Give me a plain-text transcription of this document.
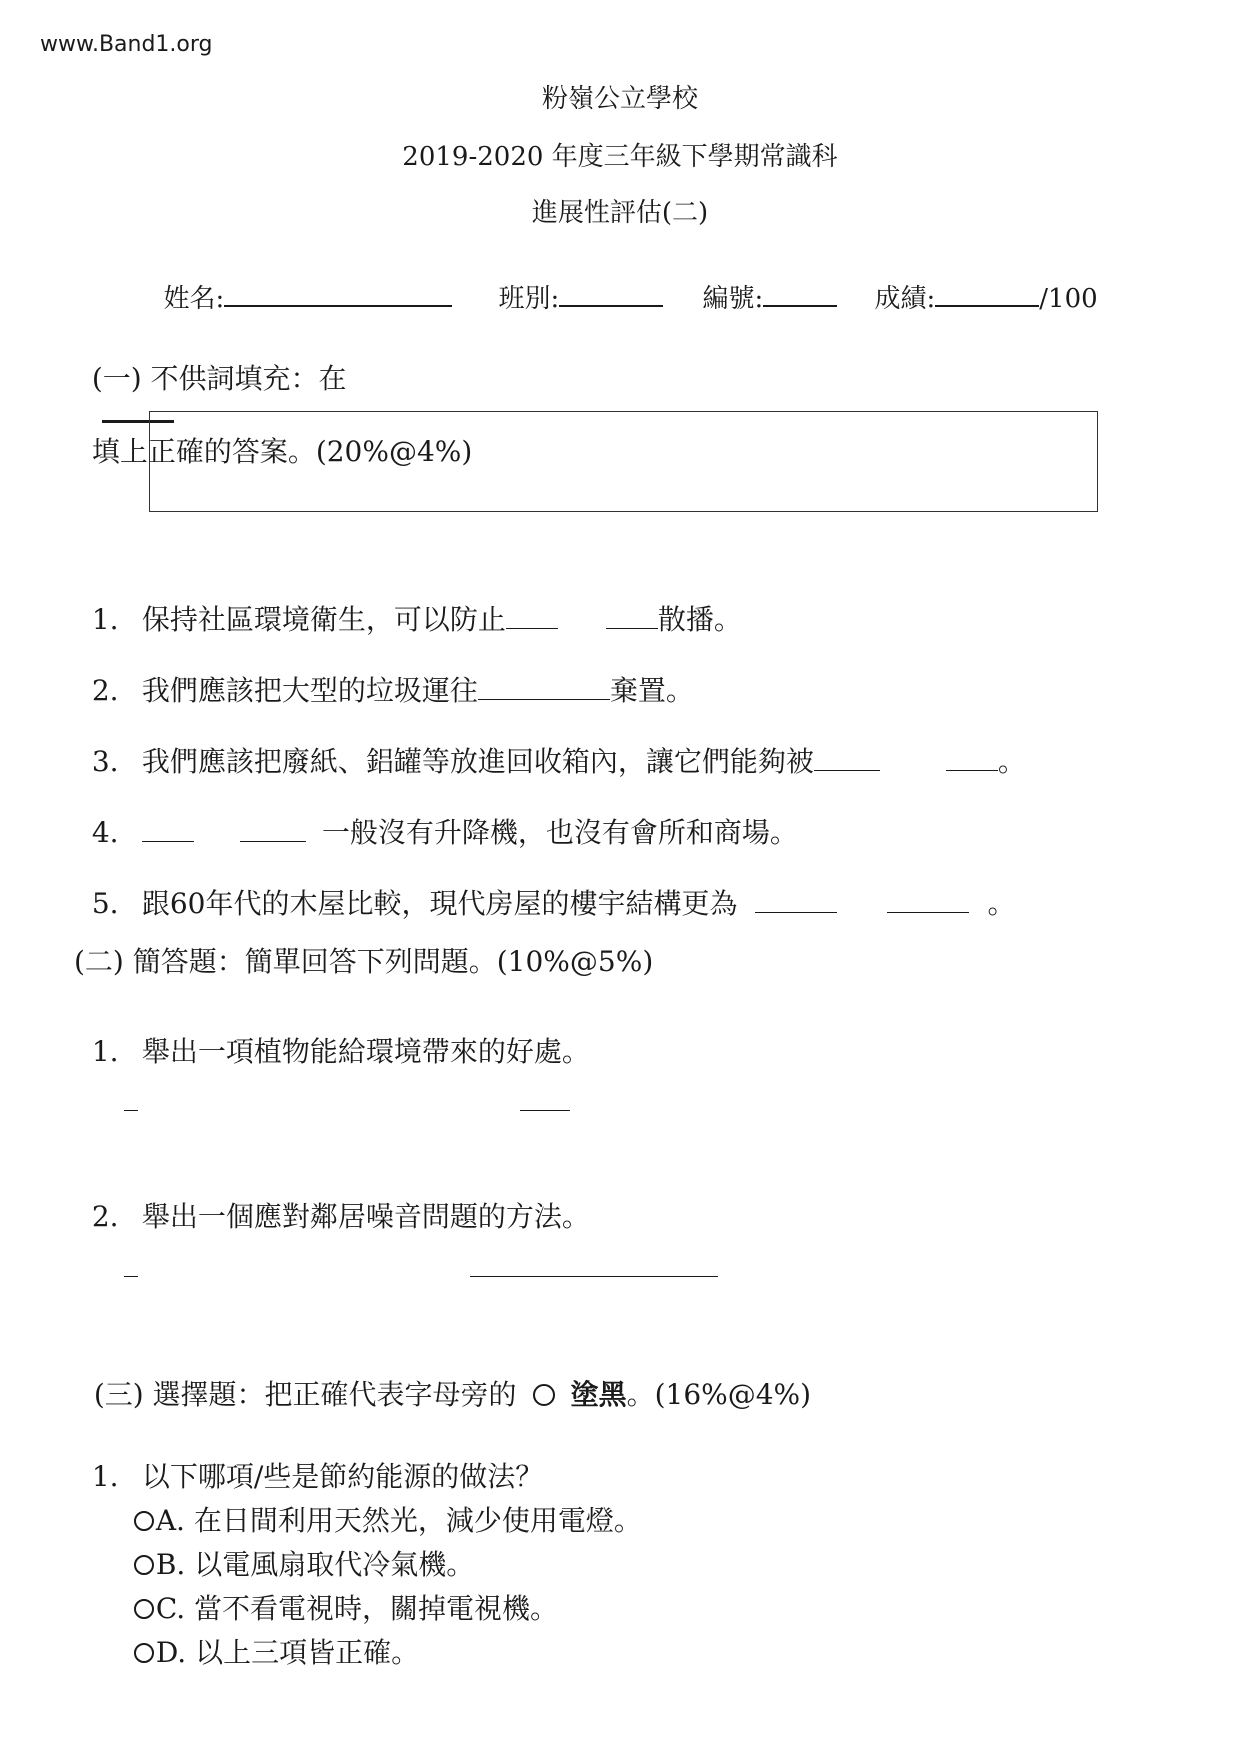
www.Band1.org
粉嶺公立學校
2019-2020 年度三年級下學期常識科
進展性評估(二)

姓名:	班別:	編號:	成績:	/100

(一) 不供詞填充：在

填上正確的答案。(20%@4%)

1. 保持社區環境衛生，可以防止	散播。

2. 我們應該把大型的垃圾運往	棄置。

3. 我們應該把廢紙、鋁罐等放進回收箱內，讓它們能夠被	。

4.	一般沒有升降機，也沒有會所和商場。

5. 跟60年代的木屋比較，現代房屋的樓宇結構更為	。

(二) 簡答題：簡單回答下列問題。(10%@5%)

1. 舉出一項植物能給環境帶來的好處。

2. 舉出一個應對鄰居噪音問題的方法。

(三) 選擇題：把正確代表字母旁的 塗黑。(16%@4%)

1. 以下哪項/些是節約能源的做法？

A. 在日間利用天然光，減少使用電燈。

B. 以電風扇取代冷氣機。

C. 當不看電視時，關掉電視機。

D. 以上三項皆正確。
